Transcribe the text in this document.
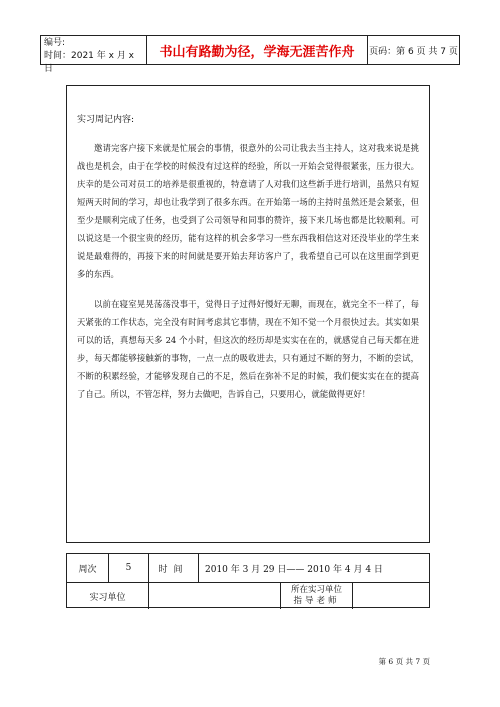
编号:
时间：2021 年 x 月 x 日
书山有路勤为径，学海无涯苦作舟	页码：第 6 页 共 7 页
实习周记内容:

邀请完客户接下来就是忙展会的事情，很意外的公司让我去当主持人，这对我来说是挑战也是机会，由于在学校的时候没有过这样的经验，所以一开始会觉得很紧张，压力很大。庆幸的是公司对员工的培养是很重视的，特意请了人对我们这些新手进行培训，虽然只有短短两天时间的学习，却也让我学到了很多东西。在开始第一场的主持时虽然还是会紧张，但至少是顺利完成了任务，也受到了公司领导和同事的赞许，接下来几场也都是比较顺利。可以说这是一个很宝贵的经历，能有这样的机会多学习一些东西我相信这对还没毕业的学生来说是最难得的，再接下来的时间就是要开始去拜访客户了，我希望自己可以在这里面学到更多的东西。

以前在寝室晃晃荡荡没事干，觉得日子过得好慢好无聊，而现在，就完全不一样了，每天紧张的工作状态，完全没有时间考虑其它事情，现在不知不觉一个月很快过去。其实如果可以的话，真想每天多 24 个小时，但这次的经历却是实实在在的，就感觉自己每天都在进步，每天都能够接触新的事物，一点一点的吸收进去，只有通过不断的努力，不断的尝试，不断的积累经验，才能够发现自己的不足，然后在弥补不足的时候，我们便实实在在的提高了自己。所以，不管怎样，努力去做吧，告诉自己，只要用心，就能做得更好！

周次	5	时间	2010 年 3 月 29 日—— 2010 年 4 月 4 日
实习单位
所在实习单位
指导老师
第 6 页 共 7 页
